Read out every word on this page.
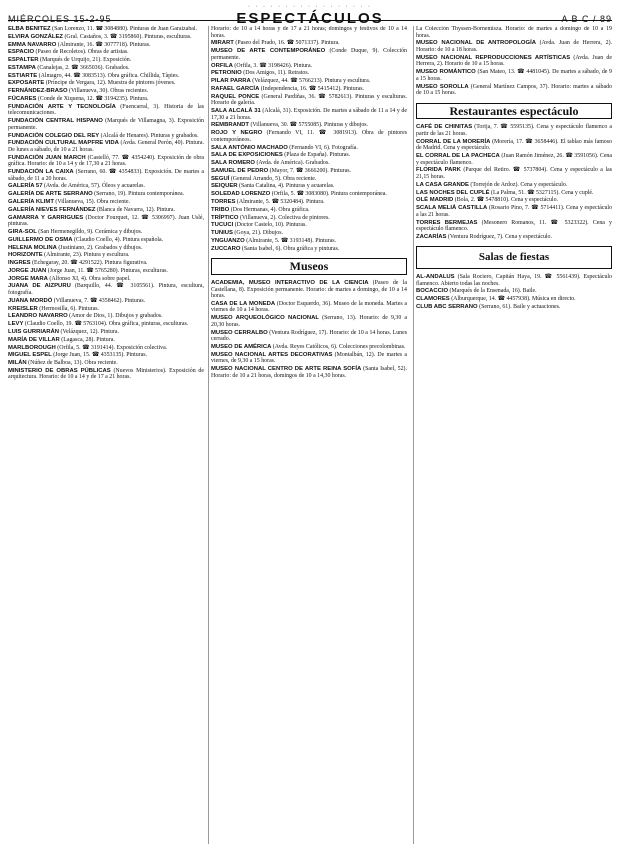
MIÉRCOLES 15-2-95
· · · · · · · · · · · · · · · · ·
ESPECTÁCULOS	A B C / 89

ELBA BENITEZ (San Lorenzo, 11. ☎ 3084880). Pinturas de Juan Garaizabal.

ELVIRA GONZÁLEZ (Gral. Castaños, 3. ☎ 3195860). Pinturas, esculturas.

EMMA NAVARRO (Almirante, 16. ☎ 3077718). Pinturas.

ESPACIO (Paseo de Recoletos). Obras de artistas.

ESPALTER (Marqués de Urquijo, 21). Exposición.

ESTAMPA (Canalejas, 2. ☎ 3665036). Grabados.

ESTIARTE (Almagro, 44. ☎ 3083513). Obra gráfica. Chillida, Tàpies.

EXPOSARTE (Príncipe de Vergara, 12). Muestra de pintores jóvenes.

FERNÁNDEZ-BRASO (Villanueva, 30). Obras recientes.

FÚCARES (Conde de Xiquena, 12. ☎ 3194235). Pintura.

FUNDACIÓN ARTE Y TECNOLOGÍA (Fuencarral, 3). Historia de las telecomunicaciones.

FUNDACIÓN CENTRAL HISPANO (Marqués de Villamagna, 3). Exposición permanente.

FUNDACIÓN COLEGIO DEL REY (Alcalá de Henares). Pinturas y grabados.

FUNDACIÓN CULTURAL MAPFRE VIDA (Avda. General Perón, 40). Pintura. De lunes a sábado, de 10 a 21 horas.

FUNDACIÓN JUAN MARCH (Castelló, 77. ☎ 4354240). Exposición de obra gráfica. Horario: de 10 a 14 y de 17,30 a 21 horas.

FUNDACIÓN LA CAIXA (Serrano, 60. ☎ 4354833). Exposición. De martes a sábado, de 11 a 20 horas.

GALERÍA 57 (Avda. de América, 57). Óleos y acuarelas.

GALERÍA DE ARTE SERRANO (Serrano, 19). Pintura contemporánea.

GALERÍA KLIMT (Villanueva, 15). Obra reciente.

GALERÍA NIEVES FERNÁNDEZ (Blanca de Navarra, 12). Pintura.

GAMARRA Y GARRIGUES (Doctor Fourquet, 12. ☎ 5306997). Juan Uslé, pinturas.

GIRA-SOL (San Hermenegildo, 9). Cerámica y dibujos.

GUILLERMO DE OSMA (Claudio Coello, 4). Pintura española.

HELENA MOLINA (Justiniano, 2). Grabados y dibujos.

HORIZONTE (Almirante, 23). Pintura y escultura.

INGRES (Echegaray, 20. ☎ 4291522). Pintura figurativa.

JORGE JUAN (Jorge Juan, 11. ☎ 5765280). Pinturas, esculturas.

JORGE MARA (Alfonso XI, 4). Obra sobre papel.

JUANA DE AIZPURU (Barquillo, 44. ☎ 3105561). Pintura, escultura, fotografía.

JUANA MORDÓ (Villanueva, 7. ☎ 4358462). Pinturas.

KREISLER (Hermosilla, 6). Pinturas.

LEANDRO NAVARRO (Amor de Dios, 1). Dibujos y grabados.

LEVY (Claudio Coello, 19. ☎ 5763104). Obra gráfica, pinturas, esculturas.

LUIS GURRIARÁN (Velázquez, 12). Pintura.

MARÍA DE VILLAR (Lagasca, 28). Pintura.

MARLBOROUGH (Orfila, 5. ☎ 3191414). Exposición colectiva.

MIGUEL ESPEL (Jorge Juan, 15. ☎ 4353135). Pinturas.

MILÁN (Núñez de Balboa, 13). Obra reciente.

MINISTERIO DE OBRAS PÚBLICAS (Nuevos Ministerios). Exposición de arquitectura. Horario: de 10 a 14 y de 17 a 21 horas.

Horario: de 10 a 14 horas y de 17 a 21 horas; domingos y festivos de 10 a 14 horas.

MIRART (Paseo del Prado, 16. ☎ 5071337). Pintura.

MUSEO DE ARTE CONTEMPORÁNEO (Conde Duque, 9). Colección permanente.

ORFILA (Orfila, 3. ☎ 3198426). Pintura.

PETRONIO (Dos Amigos, 11). Retratos.

PILAR PARRA (Velázquez, 44. ☎ 5766213). Pintura y escultura.

RAFAEL GARCÍA (Independencia, 16. ☎ 5415412). Pinturas.

RAQUEL PONCE (General Pardiñas, 36. ☎ 5782613). Pinturas y esculturas. Horario de galería.

SALA ALCALÁ 31 (Alcalá, 31). Exposición. De martes a sábado de 11 a 14 y de 17,30 a 21 horas.

REMBRANDT (Villanueva, 30. ☎ 5755085). Pinturas y dibujos.

ROJO Y NEGRO (Fernando VI, 11. ☎ 3081913). Obra de pintores contemporáneos.

SALA ANTÓNIO MACHADO (Fernando VI, 6). Fotografía.

SALA DE EXPOSICIONES (Plaza de España). Pinturas.

SALA ROMERO (Avda. de América). Grabados.

SAMUEL DE PEDRO (Mayor, 7. ☎ 3666200). Pinturas.

SEGUÍ (General Arrando, 5). Obra reciente.

SEIQUER (Santa Catalina, 4). Pinturas y acuarelas.

SOLEDAD LORENZO (Orfila, 5. ☎ 3083080). Pintura contemporánea.

TORRES (Almirante, 5. ☎ 5320484). Pintura.

TRIBO (Dos Hermanas, 4). Obra gráfica.

TRÍPTICO (Villanueva, 2). Colectiva de pintores.

TUCUCI (Doctor Castelo, 10). Pinturas.

TUNIUS (Goya, 21). Dibujos.

YNGUANZO (Almirante, 5. ☎ 3193148). Pinturas.

ZUCCARO (Santa Isabel, 6). Obra gráfica y pinturas.

Museos

ACADEMIA, MUSEO INTERACTIVO DE LA CIENCIA (Paseo de la Castellana, 8). Exposición permanente. Horario: de martes a domingo, de 10 a 14 horas.

CASA DE LA MONEDA (Doctor Esquerdo, 36). Museo de la moneda. Martes a viernes de 10 a 14 horas.

MUSEO ARQUEOLÓGICO NACIONAL (Serrano, 13). Horario: de 9,30 a 20,30 horas.

MUSEO CERRALBO (Ventura Rodríguez, 17). Horario: de 10 a 14 horas. Lunes cerrado.

MUSEO DE AMÉRICA (Avda. Reyes Católicos, 6). Colecciones precolombinas.

MUSEO NACIONAL ARTES DECORATIVAS (Montalbán, 12). De martes a viernes, de 9,30 a 15 horas.

MUSEO NACIONAL CENTRO DE ARTE REINA SOFÍA (Santa Isabel, 52). Horario: de 10 a 21 horas, domingos de 10 a 14,30 horas.

La Colección Thyssen-Bornemisza. Horario: de martes a domingo de 10 a 19 horas.

MUSEO NACIONAL DE ANTROPOLOGÍA (Avda. Juan de Herrera, 2). Horario: de 10 a 18 horas.

MUSEO NACIONAL REPRODUCCIONES ARTÍSTICAS (Avda. Juan de Herrera, 2). Horario de 10 a 15 horas.

MUSEO ROMÁNTICO (San Mateo, 13. ☎ 4481045). De martes a sábado, de 9 a 15 horas.

MUSEO SOROLLA (General Martínez Campos, 37). Horario: martes a sábado de 10 a 15 horas.

Restaurantes espectáculo

CAFÉ DE CHINITAS (Torija, 7. ☎ 5595135). Cena y espectáculo flamenco a partir de las 21 horas.

CORRAL DE LA MORERÍA (Morería, 17. ☎ 3658446). El tablao más famoso de Madrid. Cena y espectáculo.

EL CORRAL DE LA PACHECA (Juan Ramón Jiménez, 26. ☎ 3591056). Cena y espectáculo flamenco.

FLORIDA PARK (Parque del Retiro. ☎ 5737804). Cena y espectáculo a las 21,15 horas.

LA CASA GRANDE (Torrejón de Ardoz). Cena y espectáculo.

LAS NOCHES DEL CUPLÉ (La Palma, 51. ☎ 5327115). Cena y cuplé.

OLÉ MADRID (Bola, 2. ☎ 5478810). Cena y espectáculo.

SCALA MELIÁ CASTILLA (Rosario Pino, 7. ☎ 5714411). Cena y espectáculo a las 21 horas.

TORRES BERMEJAS (Mesonero Romanos, 11. ☎ 5323322). Cena y espectáculo flamenco.

ZACARÍAS (Ventura Rodríguez, 7). Cena y espectáculo.

Salas de fiestas

AL-ANDALUS (Sala Rociero, Capitán Haya, 19. ☎ 5561439). Espectáculo flamenco. Abierto todas las noches.

BOCACCIO (Marqués de la Ensenada, 16). Baile.

CLAMORES (Alburquerque, 14. ☎ 4457938). Música en directo.

CLUB ABC SERRANO (Serrano, 61). Baile y actuaciones.
